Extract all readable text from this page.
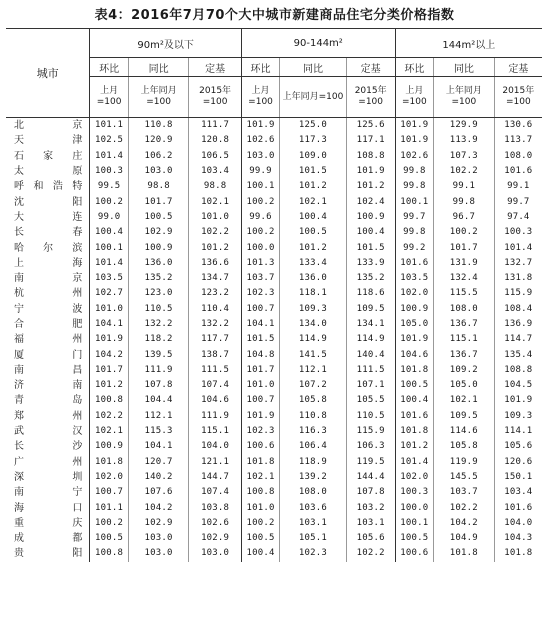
表4：2016年7月70个大中城市新建商品住宅分类价格指数
城市	90m²及以下			90-144m²			144m²以上		
	环比	同比	定基	环比	同比	定基	环比	同比	定基
	上月=100	上年同月=100	2015年=100	上月=100	上年同月=100	2015年=100	上月=100	上年同月=100	2015年=100
北　京	101.1	110.8	111.7	101.9	125.0	125.6	101.9	129.9	130.6
天　津	102.5	120.9	120.8	102.6	117.3	117.1	101.9	113.9	113.7
石家庄	101.4	106.2	106.5	103.0	109.0	108.8	102.6	107.3	108.0
太　原	100.3	103.0	103.4	99.9	101.5	101.9	99.8	102.2	101.6
呼和浩特	99.5	98.8	98.8	100.1	101.2	101.2	99.8	99.1	99.1
沈　阳	100.2	101.7	102.1	100.2	102.1	102.4	100.1	99.8	99.7
大　连	99.0	100.5	101.0	99.6	100.4	100.9	99.7	96.7	97.4
长　春	100.4	102.9	102.2	100.2	100.5	100.4	99.8	100.2	100.3
哈尔滨	100.1	100.9	101.2	100.0	101.2	101.5	99.2	101.7	101.4
上　海	101.4	136.0	136.6	101.3	133.4	133.9	101.6	131.9	132.7
南　京	103.5	135.2	134.7	103.7	136.0	135.2	103.5	132.4	131.8
杭　州	102.7	123.0	123.2	102.3	118.1	118.6	102.0	115.5	115.9
宁　波	101.0	110.5	110.4	100.7	109.3	109.5	100.9	108.0	108.4
合　肥	104.1	132.2	132.2	104.1	134.0	134.1	105.0	136.7	136.9
福　州	101.9	118.2	117.7	101.5	114.9	114.9	101.9	115.1	114.7
厦　门	104.2	139.5	138.7	104.8	141.5	140.4	104.6	136.7	135.4
南　昌	101.7	111.9	111.5	101.7	112.1	111.5	101.8	109.2	108.8
济　南	101.2	107.8	107.4	101.0	107.2	107.1	100.5	105.0	104.5
青　岛	100.8	104.4	104.6	100.7	105.8	105.5	100.4	102.1	101.9
郑　州	102.2	112.1	111.9	101.9	110.8	110.5	101.6	109.5	109.3
武　汉	102.1	115.3	115.1	102.3	116.3	115.9	101.8	114.6	114.1
长　沙	100.9	104.1	104.0	100.6	106.4	106.3	101.2	105.8	105.6
广　州	101.8	120.7	121.1	101.8	118.9	119.5	101.4	119.9	120.6
深　圳	102.0	140.2	144.7	102.1	139.2	144.4	102.0	145.5	150.1
南　宁	100.7	107.6	107.4	100.8	108.0	107.8	100.3	103.7	103.4
海　口	101.1	104.2	103.8	101.0	103.6	103.2	100.0	102.2	101.6
重　庆	100.2	102.9	102.6	100.2	103.1	103.1	100.1	104.2	104.0
成　都	100.5	103.0	102.9	100.5	105.1	105.6	100.5	104.9	104.3
贵　阳	100.8	103.0	103.0	100.4	102.3	102.2	100.6	101.8	101.8
